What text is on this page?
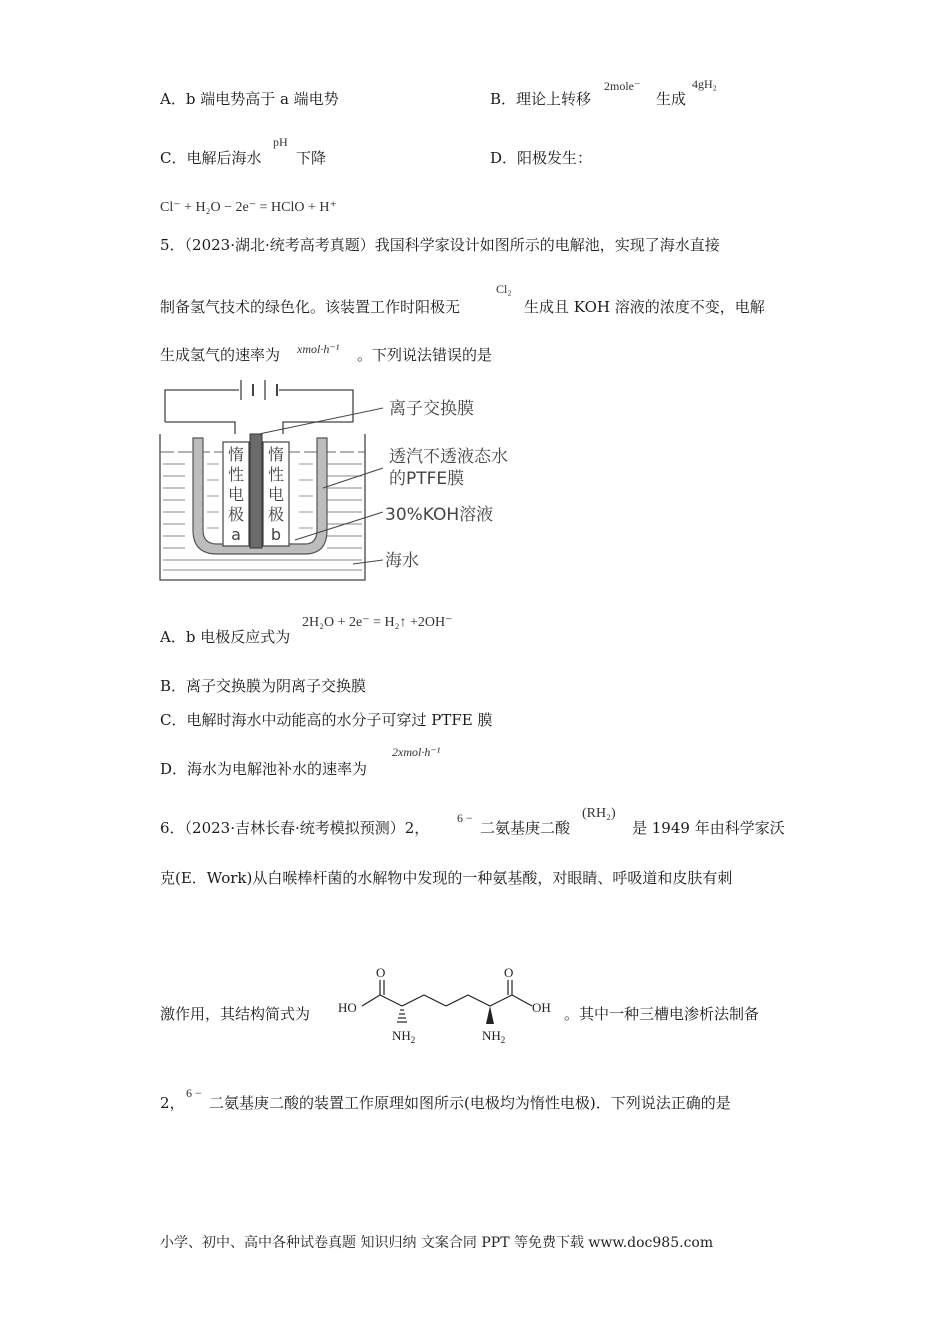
A．b 端电势高于 a 端电势	B．理论上转移
2mole⁻
生成
4gH₂
C．电解后海水
pH
下降	D．阳极发生：
Cl⁻ + H₂O − 2e⁻ = HClO + H⁺
5．（2023·湖北·统考高考真题）我国科学家设计如图所示的电解池，实现了海水直接
制备氢气技术的绿色化。该装置工作时阳极无
Cl₂
生成且 KOH 溶液的浓度不变，电解
生成氢气的速率为 xmol·h⁻¹ 。下列说法错误的是
惰
性
电
极
a
惰
性
电
极
b
离子交换膜
透汽不透液态水
的PTFE膜
30%KOH溶液
海水
A．b 电极反应式为
2H₂O + 2e⁻ = H₂↑ +2OH⁻
B．离子交换膜为阴离子交换膜
C．电解时海水中动能高的水分子可穿过 PTFE 膜
D．海水为电解池补水的速率为
2xmol·h⁻¹
6．（2023·吉林长春·统考模拟预测）2，
6 −
二氨基庚二酸
(RH₂)
是 1949 年由科学家沃
克(E．Work)从白喉棒杆菌的水解物中发现的一种氨基酸，对眼睛、呼吸道和皮肤有刺
激作用，其结构简式为
O	O
HO	OH
$NH_2$	$NH_2$
。其中一种三槽电渗析法制备
2，
6 −
二氨基庚二酸的装置工作原理如图所示(电极均为惰性电极)．下列说法正确的是
小学、初中、高中各种试卷真题 知识归纳 文案合同 PPT 等免费下载 www.doc985.com
